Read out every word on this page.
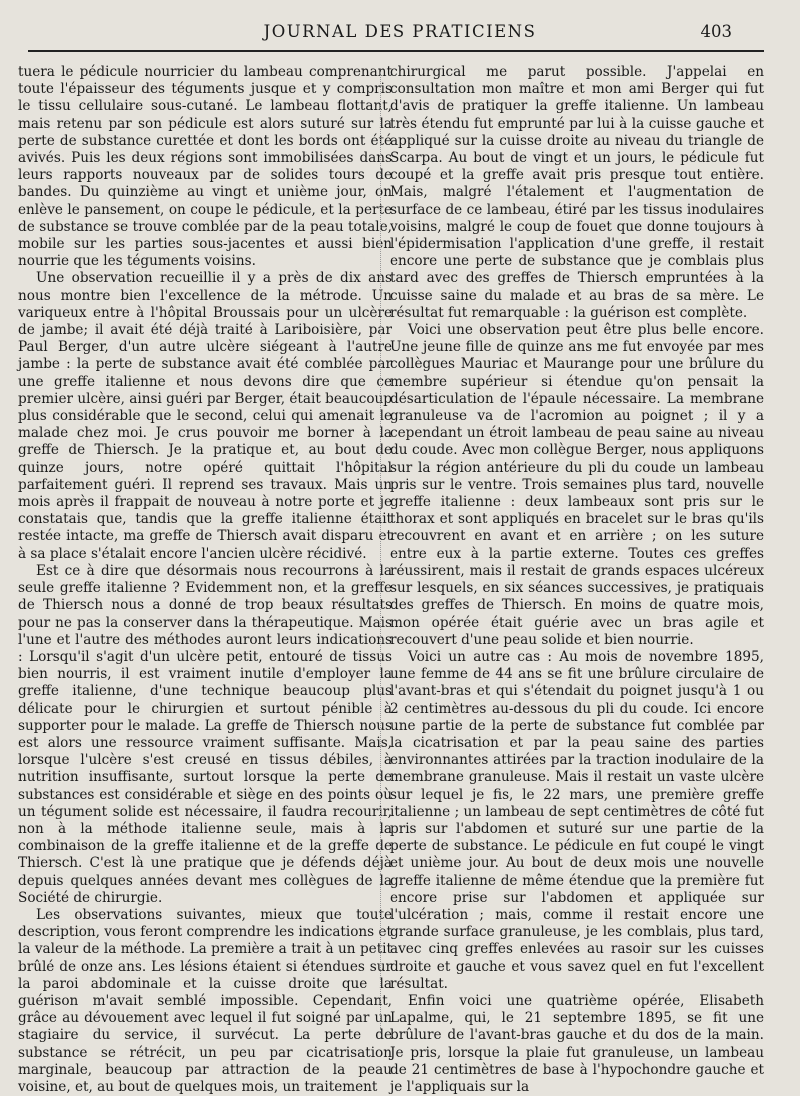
JOURNAL DES PRATICIENS	403

tuera le pédicule nourricier du lambeau comprenant toute l'épaisseur des téguments jusque et y compris le tissu cellulaire sous-cutané. Le lambeau flottant, mais retenu par son pédicule est alors suturé sur la perte de substance curettée et dont les bords ont été avivés. Puis les deux régions sont immobilisées dans leurs rapports nouveaux par de solides tours de bandes. Du quinzième au vingt et unième jour, on enlève le pansement, on coupe le pédicule, et la perte de substance se trouve comblée par de la peau totale, mobile sur les parties sous-jacentes et aussi bien nourrie que les téguments voisins.

Une observation recueillie il y a près de dix ans nous montre bien l'excellence de la métrode. Un variqueux entre à l'hôpital Broussais pour un ulcère de jambe; il avait été déjà traité à Lariboisière, par Paul Berger, d'un autre ulcère siégeant à l'autre jambe : la perte de substance avait été comblée par une greffe italienne et nous devons dire que ce premier ulcère, ainsi guéri par Berger, était beaucoup plus considérable que le second, celui qui amenait le malade chez moi. Je crus pouvoir me borner à la greffe de Thiersch. Je la pratique et, au bout de quinze jours, notre opéré quittait l'hôpital parfaitement guéri. Il reprend ses travaux. Mais un mois après il frappait de nouveau à notre porte et je constatais que, tandis que la greffe italienne était restée intacte, ma greffe de Thiersch avait disparu et à sa place s'étalait encore l'ancien ulcère récidivé.

Est ce à dire que désormais nous recourrons à la seule greffe italienne ? Evidemment non, et la greffe de Thiersch nous a donné de trop beaux résultats pour ne pas la conserver dans la thérapeutique. Mais l'une et l'autre des méthodes auront leurs indications : Lorsqu'il s'agit d'un ulcère petit, entouré de tissus bien nourris, il est vraiment inutile d'employer la greffe italienne, d'une technique beaucoup plus délicate pour le chirurgien et surtout pénible à supporter pour le malade. La greffe de Thiersch nous est alors une ressource vraiment suffisante. Mais, lorsque l'ulcère s'est creusé en tissus débiles, à nutrition insuffisante, surtout lorsque la perte de substances est considérable et siège en des points où un tégument solide est nécessaire, il faudra recourir, non à la méthode italienne seule, mais à la combinaison de la greffe italienne et de la greffe de Thiersch. C'est là une pratique que je défends déjà depuis quelques années devant mes collègues de la Société de chirurgie.

Les observations suivantes, mieux que toute description, vous feront comprendre les indications et la valeur de la méthode. La première a trait à un petit brûlé de onze ans. Les lésions étaient si étendues sur la paroi abdominale et la cuisse droite que la guérison m'avait semblé impossible. Cependant, grâce au dévouement avec lequel il fut soigné par un stagiaire du service, il survécut. La perte de substance se rétrécit, un peu par cicatrisation marginale, beaucoup par attraction de la peau voisine, et, au bout de quelques mois, un traitement

chirurgical me parut possible. J'appelai en consultation mon maître et mon ami Berger qui fut d'avis de pratiquer la greffe italienne. Un lambeau très étendu fut emprunté par lui à la cuisse gauche et appliqué sur la cuisse droite au niveau du triangle de Scarpa. Au bout de vingt et un jours, le pédicule fut coupé et la greffe avait pris presque tout entière. Mais, malgré l'étalement et l'augmentation de surface de ce lambeau, étiré par les tissus inodulaires voisins, malgré le coup de fouet que donne toujours à l'épidermisation l'application d'une greffe, il restait encore une perte de substance que je comblais plus tard avec des greffes de Thiersch empruntées à la cuisse saine du malade et au bras de sa mère. Le résultat fut remarquable : la guérison est complète.

Voici une observation peut être plus belle encore. Une jeune fille de quinze ans me fut envoyée par mes collègues Mauriac et Maurange pour une brûlure du membre supérieur si étendue qu'on pensait la désarticulation de l'épaule nécessaire. La membrane granuleuse va de l'acromion au poignet ; il y a cependant un étroit lambeau de peau saine au niveau du coude. Avec mon collègue Berger, nous appliquons sur la région antérieure du pli du coude un lambeau pris sur le ventre. Trois semaines plus tard, nouvelle greffe italienne : deux lambeaux sont pris sur le thorax et sont appliqués en bracelet sur le bras qu'ils recouvrent en avant et en arrière ; on les suture entre eux à la partie externe. Toutes ces greffes réussirent, mais il restait de grands espaces ulcéreux sur lesquels, en six séances successives, je pratiquais des greffes de Thiersch. En moins de quatre mois, mon opérée était guérie avec un bras agile et recouvert d'une peau solide et bien nourrie.

Voici un autre cas : Au mois de novembre 1895, une femme de 44 ans se fit une brûlure circulaire de l'avant-bras et qui s'étendait du poignet jusqu'à 1 ou 2 centimètres au-dessous du pli du coude. Ici encore une partie de la perte de substance fut comblée par la cicatrisation et par la peau saine des parties environnantes attirées par la traction inodulaire de la membrane granuleuse. Mais il restait un vaste ulcère sur lequel je fis, le 22 mars, une première greffe italienne ; un lambeau de sept centimètres de côté fut pris sur l'abdomen et suturé sur une partie de la perte de substance. Le pédicule en fut coupé le vingt et unième jour. Au bout de deux mois une nouvelle greffe italienne de même étendue que la première fut encore prise sur l'abdomen et appliquée sur l'ulcération ; mais, comme il restait encore une grande surface granuleuse, je les comblais, plus tard, avec cinq greffes enlevées au rasoir sur les cuisses droite et gauche et vous savez quel en fut l'excellent résultat.

Enfin voici une quatrième opérée, Elisabeth Lapalme, qui, le 21 septembre 1895, se fit une brûlure de l'avant-bras gauche et du dos de la main. Je pris, lorsque la plaie fut granuleuse, un lambeau de 21 centimètres de base à l'hypochondre gauche et je l'appliquais sur la
